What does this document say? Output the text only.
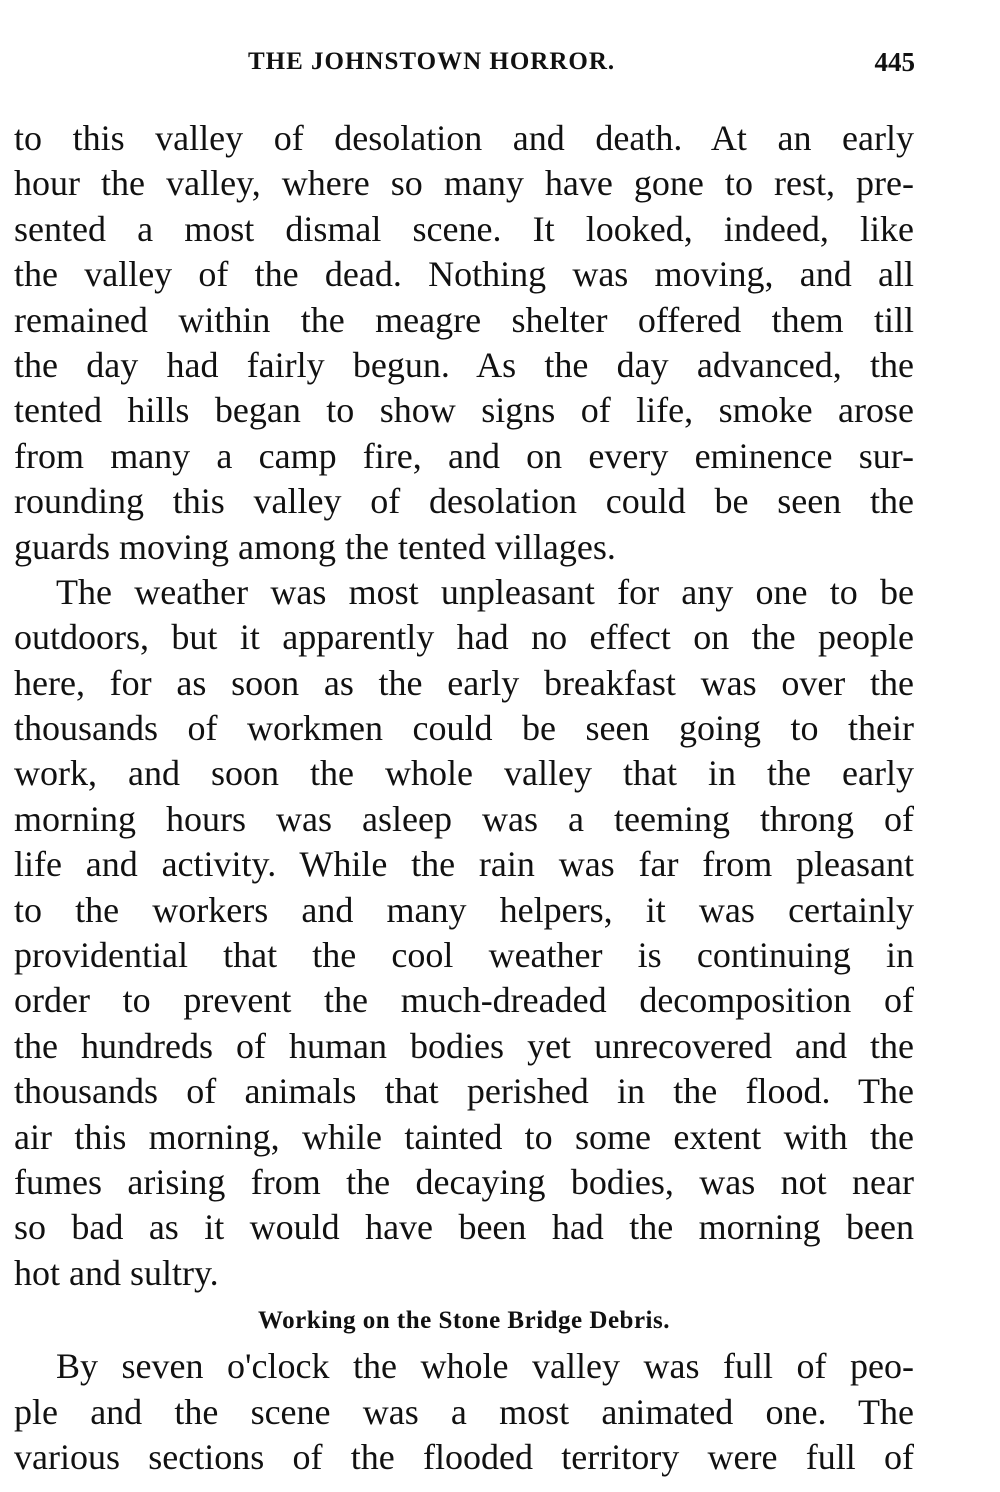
THE JOHNSTOWN HORROR.	445
to this valley of desolation and death. At an early
hour the valley, where so many have gone to rest, pre-
sented a most dismal scene. It looked, indeed, like
the valley of the dead. Nothing was moving, and all
remained within the meagre shelter offered them till
the day had fairly begun. As the day advanced, the
tented hills began to show signs of life, smoke arose
from many a camp fire, and on every eminence sur-
rounding this valley of desolation could be seen the
guards moving among the tented villages.
The weather was most unpleasant for any one to be
outdoors, but it apparently had no effect on the people
here, for as soon as the early breakfast was over the
thousands of workmen could be seen going to their
work, and soon the whole valley that in the early
morning hours was asleep was a teeming throng of
life and activity. While the rain was far from pleasant
to the workers and many helpers, it was certainly
providential that the cool weather is continuing in
order to prevent the much-dreaded decomposition of
the hundreds of human bodies yet unrecovered and the
thousands of animals that perished in the flood. The
air this morning, while tainted to some extent with the
fumes arising from the decaying bodies, was not near
so bad as it would have been had the morning been
hot and sultry.
Working on the Stone Bridge Debris.
By seven o'clock the whole valley was full of peo-
ple and the scene was a most animated one. The
various sections of the flooded territory were full of
